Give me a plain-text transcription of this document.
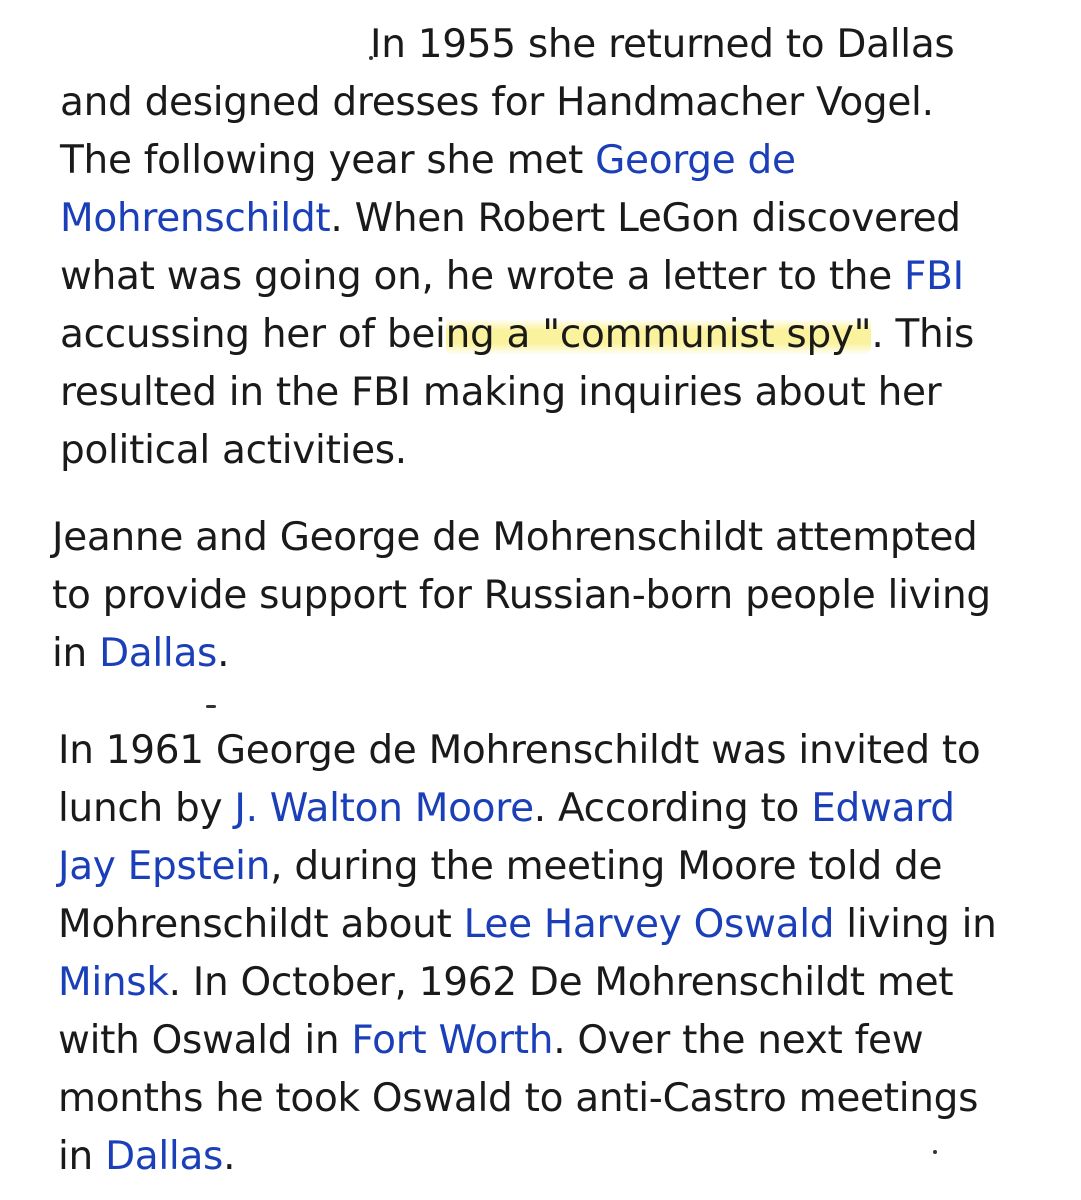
In 1955 she returned to Dallas
and designed dresses for Handmacher Vogel.
The following year she met George de
Mohrenschildt. When Robert LeGon discovered
what was going on, he wrote a letter to the FBI
accussing her of being a "communist spy". This
resulted in the FBI making inquiries about her
political activities.

Jeanne and George de Mohrenschildt attempted
to provide support for Russian-born people living
in Dallas.

In 1961 George de Mohrenschildt was invited to
lunch by J. Walton Moore. According to Edward
Jay Epstein, during the meeting Moore told de
Mohrenschildt about Lee Harvey Oswald living in
Minsk. In October, 1962 De Mohrenschildt met
with Oswald in Fort Worth. Over the next few
months he took Oswald to anti-Castro meetings
in Dallas.
